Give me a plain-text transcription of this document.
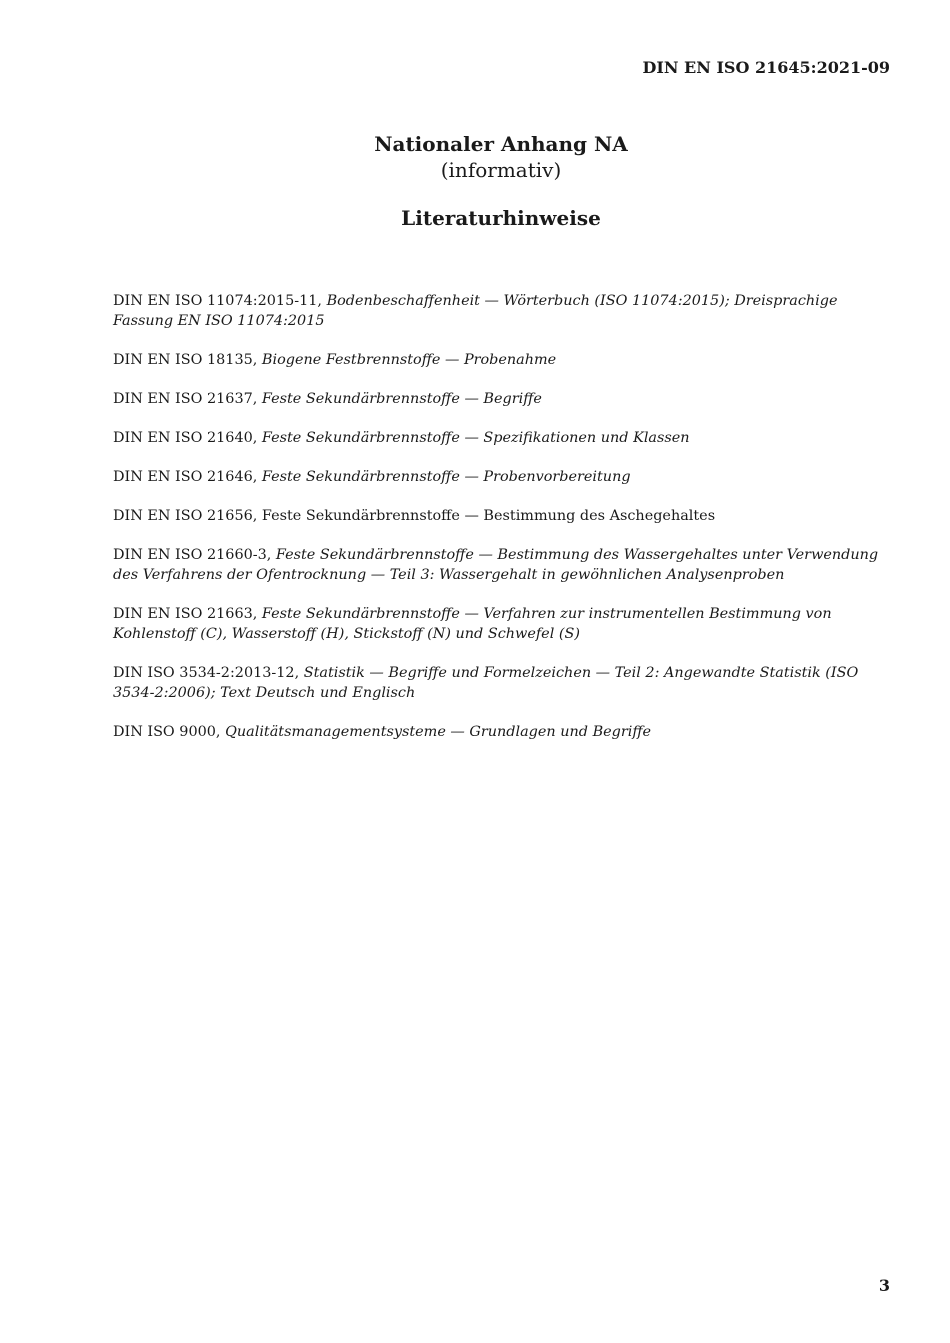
DIN EN ISO 21645:2021-09
Nationaler Anhang NA
(informativ)
Literaturhinweise
DIN EN ISO 11074:2015-11, Bodenbeschaffenheit — Wörterbuch (ISO 11074:2015); Dreisprachige Fassung EN ISO 11074:2015
DIN EN ISO 18135, Biogene Festbrennstoffe — Probenahme
DIN EN ISO 21637, Feste Sekundärbrennstoffe — Begriffe
DIN EN ISO 21640, Feste Sekundärbrennstoffe — Spezifikationen und Klassen
DIN EN ISO 21646, Feste Sekundärbrennstoffe — Probenvorbereitung
DIN EN ISO 21656, Feste Sekundärbrennstoffe — Bestimmung des Aschegehaltes
DIN EN ISO 21660-3, Feste Sekundärbrennstoffe — Bestimmung des Wassergehaltes unter Verwendung des Verfahrens der Ofentrocknung — Teil 3: Wassergehalt in gewöhnlichen Analysenproben
DIN EN ISO 21663, Feste Sekundärbrennstoffe — Verfahren zur instrumentellen Bestimmung von Kohlenstoff (C), Wasserstoff (H), Stickstoff (N) und Schwefel (S)
DIN ISO 3534-2:2013-12, Statistik — Begriffe und Formelzeichen — Teil 2: Angewandte Statistik (ISO 3534-2:2006); Text Deutsch und Englisch
DIN ISO 9000, Qualitätsmanagementsysteme — Grundlagen und Begriffe
3
